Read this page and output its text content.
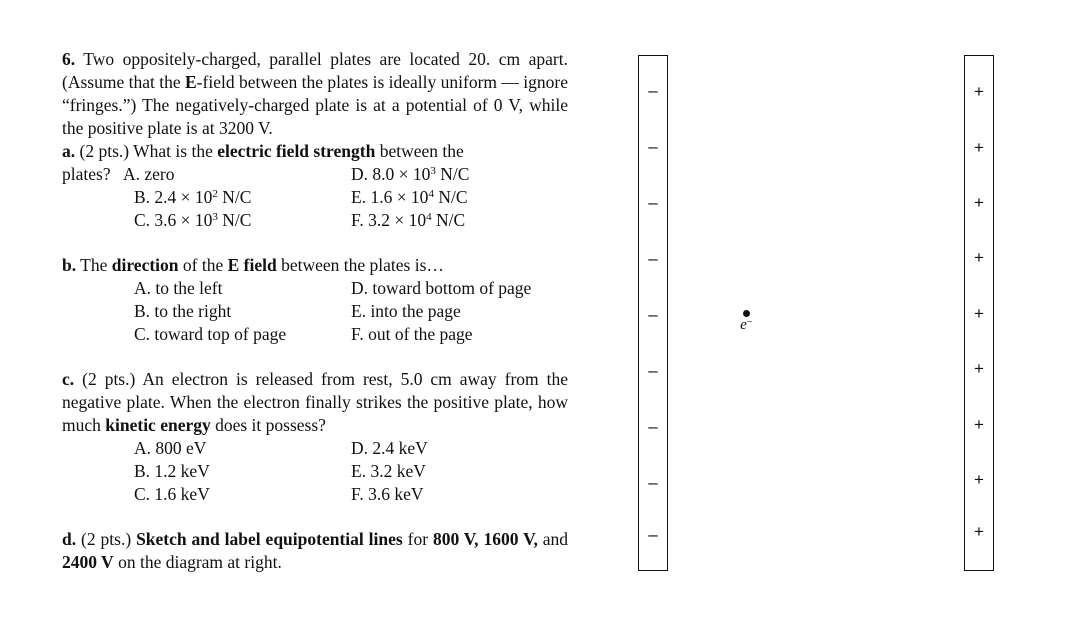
6. Two oppositely-charged, parallel plates are located 20. cm apart. (Assume that the E-field between the plates is ideally uniform — ignore “fringes.”) The negatively-charged plate is at a potential of 0 V, while the positive plate is at 3200 V.

a. (2 pts.) What is the electric field strength between the

plates? A. zero	D. $8.0 \times 10^3$ N/C
B. $2.4 \times 10^2$ N/C	E. $1.6 \times 10^4$ N/C
C. $3.6 \times 10^3$ N/C	F. $3.2 \times 10^4$ N/C

b. The direction of the E field between the plates is…

A. to the left	D. toward bottom of page
B. to the right	E. into the page
C. toward top of page	F. out of the page

c. (2 pts.) An electron is released from rest, 5.0 cm away from the negative plate. When the electron finally strikes the positive plate, how much kinetic energy does it possess?

A. 800 eV	D. 2.4 keV
B. 1.2 keV	E. 3.2 keV
C. 1.6 keV	F. 3.6 keV

d. (2 pts.) Sketch and label equipotential lines for 800 V, 1600 V, and 2400 V on the diagram at right.

–
–
–
–
–
–
–
–
–
e–
+
+
+
+
+
+
+
+
+
